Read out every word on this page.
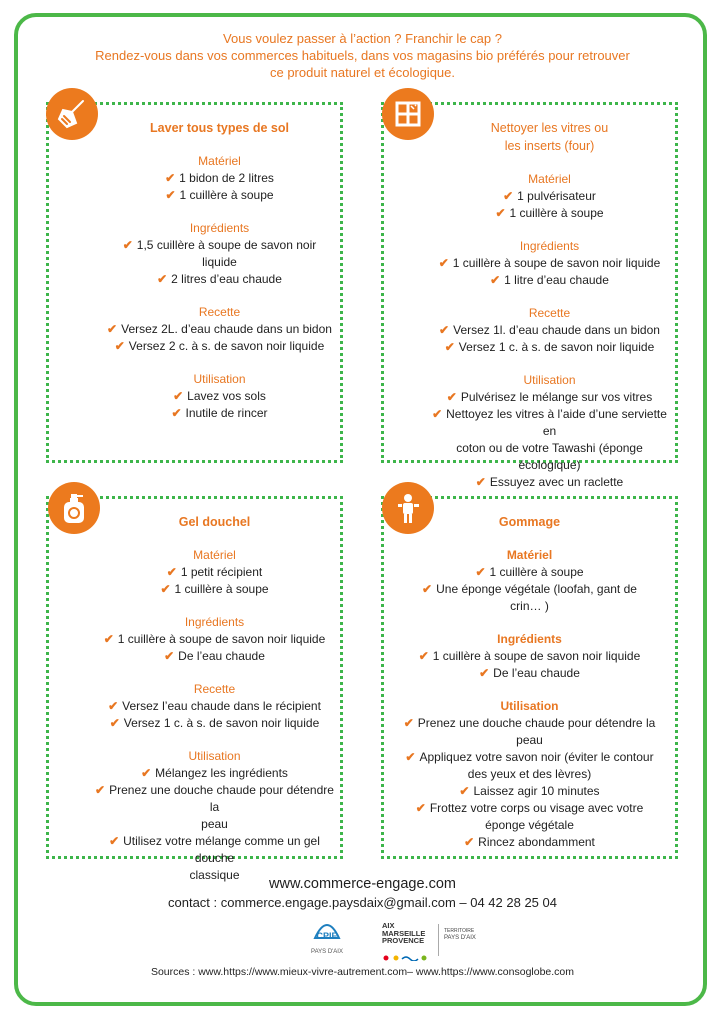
Vous voulez passer à l’action ? Franchir le cap ?
Rendez-vous dans vos commerces habituels, dans vos magasins bio préférés pour retrouver
ce produit naturel et écologique.
Laver tous types de sol
Matériel
✔ 1 bidon de 2 litres
✔ 1 cuillère à soupe
Ingrédients
✔ 1,5 cuillère à soupe de savon noir liquide
✔ 2 litres d’eau chaude
Recette
✔ Versez 2L. d’eau chaude dans un bidon
✔ Versez 2 c. à s. de savon noir liquide
Utilisation
✔ Lavez vos sols
✔ Inutile de rincer
Nettoyer les vitres ou
les inserts (four)
Matériel
✔ 1 pulvérisateur
✔ 1 cuillère à soupe
Ingrédients
✔ 1 cuillère à soupe de savon noir liquide
✔ 1 litre d’eau chaude
Recette
✔ Versez 1l. d’eau chaude dans un bidon
✔ Versez 1 c. à s. de savon noir liquide
Utilisation
✔ Pulvérisez le mélange sur vos vitres
✔ Nettoyez les vitres à l’aide d’une serviette en
coton ou de votre Tawashi (éponge écologique)
✔ Essuyez avec un raclette
Gel douchel
Matériel
✔ 1 petit récipient
✔ 1 cuillère à soupe
Ingrédients
✔ 1 cuillère à soupe de savon noir liquide
✔ De l’eau chaude
Recette
✔ Versez l’eau chaude dans le récipient
✔ Versez 1 c. à s. de savon noir liquide
Utilisation
✔ Mélangez les ingrédients
✔ Prenez une douche chaude pour détendre la
peau
✔ Utilisez votre mélange comme un gel douche
classique
Gommage
Matériel
✔ 1 cuillère à soupe
✔ Une éponge végétale (loofah, gant de
crin… )
Ingrédients
✔ 1 cuillère à soupe de savon noir liquide
✔ De l’eau chaude
Utilisation
✔ Prenez une douche chaude pour détendre la
peau
✔ Appliquez votre savon noir (éviter le contour
des yeux et des lèvres)
✔ Laissez agir 10 minutes
✔ Frottez votre corps ou visage avec votre
éponge végétale
✔ Rincez abondamment
www.commerce-engage.com
contact : commerce.engage.paysdaix@gmail.com – 04 42 28 25 04
CPIE
PAYS D'AIX
AIX
MARSEILLE
PROVENCE
TERRITOIRE
PAYS D'AIX
Sources : www.https://www.mieux-vivre-autrement.com– www.https://www.consoglobe.com
